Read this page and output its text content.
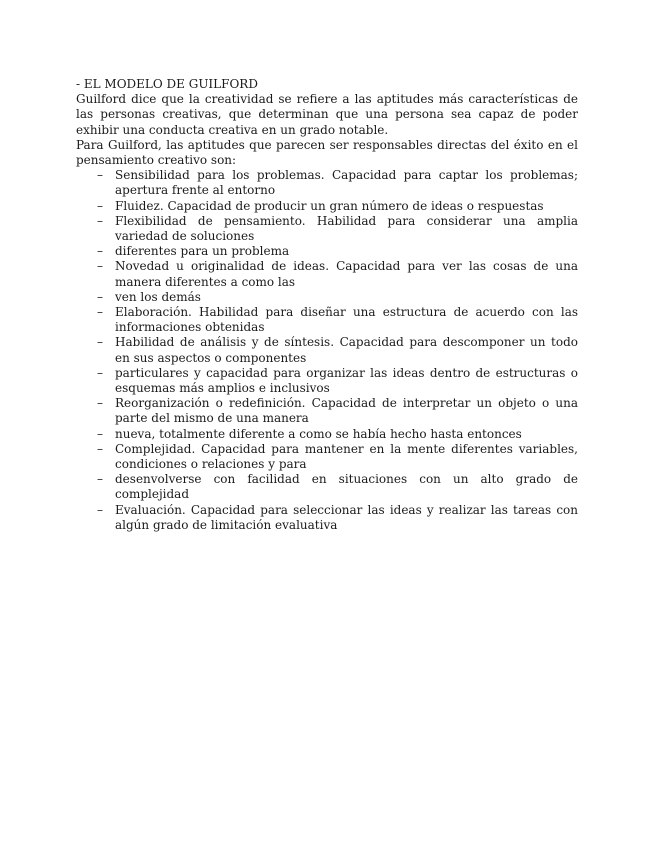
- EL MODELO DE GUILFORD

Guilford dice que la creatividad se refiere a las aptitudes más características de las personas creativas, que determinan que una persona sea capaz de poder exhibir una conducta creativa en un grado notable.

Para Guilford, las aptitudes que parecen ser responsables directas del éxito en el pensamiento creativo son:

– Sensibilidad para los problemas. Capacidad para captar los problemas; apertura frente al entorno
– Fluidez. Capacidad de producir un gran número de ideas o respuestas
– Flexibilidad de pensamiento. Habilidad para considerar una amplia variedad de soluciones
– diferentes para un problema
– Novedad u originalidad de ideas. Capacidad para ver las cosas de una manera diferentes a como las
– ven los demás
– Elaboración. Habilidad para diseñar una estructura de acuerdo con las informaciones obtenidas
– Habilidad de análisis y de síntesis. Capacidad para descomponer un todo en sus aspectos o componentes
– particulares y capacidad para organizar las ideas dentro de estructuras o esquemas más amplios e inclusivos
– Reorganización o redefinición. Capacidad de interpretar un objeto o una parte del mismo de una manera
– nueva, totalmente diferente a como se había hecho hasta entonces
– Complejidad. Capacidad para mantener en la mente diferentes variables, condiciones o relaciones y para
– desenvolverse con facilidad en situaciones con un alto grado de complejidad
– Evaluación. Capacidad para seleccionar las ideas y realizar las tareas con algún grado de limitación evaluativa
